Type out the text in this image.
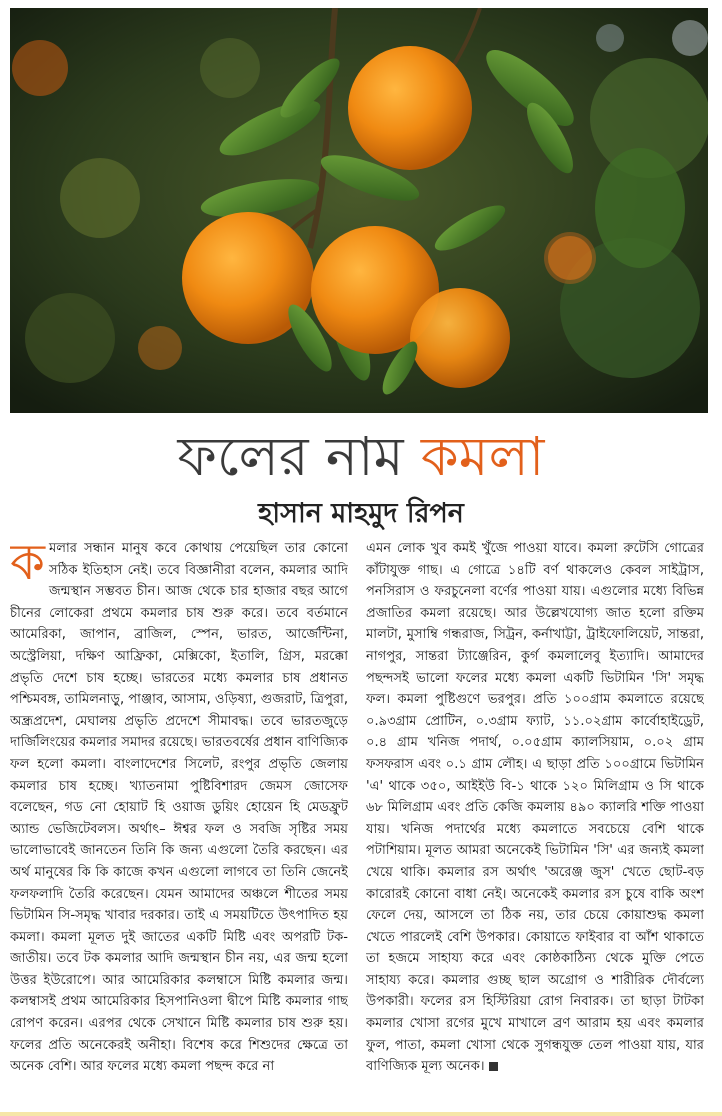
ফলের নাম কমলা
হাসান মাহমুদ রিপন

কমলার সন্ধান মানুষ কবে কোথায় পেয়েছিল তার কোনো সঠিক ইতিহাস নেই। তবে বিজ্ঞানীরা বলেন, কমলার আদি জন্মস্থান সম্ভবত চীন। আজ থেকে চার হাজার বছর আগে চীনের লোকেরা প্রথমে কমলার চাষ শুরু করে। তবে বর্তমানে আমেরিকা, জাপান, ব্রাজিল, স্পেন, ভারত, আর্জেন্টিনা, অস্ট্রেলিয়া, দক্ষিণ আফ্রিকা, মেক্সিকো, ইতালি, গ্রিস, মরক্কো প্রভৃতি দেশে চাষ হচ্ছে। ভারতের মধ্যে কমলার চাষ প্রধানত পশ্চিমবঙ্গ, তামিলনাড়ু, পাঞ্জাব, আসাম, ওড়িষ্যা, গুজরাট, ত্রিপুরা, অন্ধ্রপ্রদেশ, মেঘালয় প্রভৃতি প্রদেশে সীমাবদ্ধ। তবে ভারতজুড়ে দার্জিলিংয়ের কমলার সমাদর রয়েছে। ভারতবর্ষের প্রধান বাণিজ্যিক ফল হলো কমলা। বাংলাদেশের সিলেট, রংপুর প্রভৃতি জেলায় কমলার চাষ হচ্ছে। খ্যাতনামা পুষ্টিবিশারদ জেমস জোসেফ বলেছেন, গড নো হোয়াট হি ওয়াজ ডুয়িং হোয়েন হি মেডফ্রুট অ্যান্ড ভেজিটেবলস। অর্থাৎ– ঈশ্বর ফল ও সবজি সৃষ্টির সময় ভালোভাবেই জানতেন তিনি কি জন্য এগুলো তৈরি করছেন। এর অর্থ মানুষের কি কি কাজে কখন এগুলো লাগবে তা তিনি জেনেই ফলফলাদি তৈরি করেছেন। যেমন আমাদের অঞ্চলে শীতের সময় ভিটামিন সি-সমৃদ্ধ খাবার দরকার। তাই এ সময়টিতে উৎপাদিত হয় কমলা। কমলা মূলত দুই জাতের একটি মিষ্টি এবং অপরটি টক-জাতীয়। তবে টক কমলার আদি জন্মস্থান চীন নয়, এর জন্ম হলো উত্তর ইউরোপে। আর আমেরিকার কলম্বাসে মিষ্টি কমলার জন্ম। কলম্বাসই প্রথম আমেরিকার হিসপানিওলা দ্বীপে মিষ্টি কমলার গাছ রোপণ করেন। এরপর থেকে সেখানে মিষ্টি কমলার চাষ শুরু হয়। ফলের প্রতি অনেকেরই অনীহা। বিশেষ করে শিশুদের ক্ষেত্রে তা অনেক বেশি। আর ফলের মধ্যে কমলা পছন্দ করে না

এমন লোক খুব কমই খুঁজে পাওয়া যাবে। কমলা রুটেসি গোত্রের কাঁটাযুক্ত গাছ। এ গোত্রে ১৪টি বর্ণ থাকলেও কেবল সাইট্রাস, পনসিরাস ও ফরচুনেলা বর্ণের পাওয়া যায়। এগুলোর মধ্যে বিভিন্ন প্রজাতির কমলা রয়েছে। আর উল্লেখযোগ্য জাত হলো রক্তিম মালটা, মুসাম্বি গন্ধরাজ, সিট্রন, কর্নাখাট্টা, ট্রাইফোলিয়েট, সান্তরা, নাগপুর, সান্তরা ট্যাঞ্জেরিন, কুর্গ কমলালেবু ইত্যাদি। আমাদের পছন্দসই ভালো ফলের মধ্যে কমলা একটি ভিটামিন 'সি' সমৃদ্ধ ফল। কমলা পুষ্টিগুণে ভরপুর। প্রতি ১০০গ্রাম কমলাতে রয়েছে ০.৯৩গ্রাম প্রোটিন, ০.৩গ্রাম ফ্যাট, ১১.০২গ্রাম কার্বোহাইড্রেট, ০.৪ গ্রাম খনিজ পদার্থ, ০.০৫গ্রাম ক্যালসিয়াম, ০.০২ গ্রাম ফসফরাস এবং ০.১ গ্রাম লৌহ। এ ছাড়া প্রতি ১০০গ্রামে ভিটামিন 'এ' থাকে ৩৫০, আইইউ বি-১ থাকে ১২০ মিলিগ্রাম ও সি থাকে ৬৮ মিলিগ্রাম এবং প্রতি কেজি কমলায় ৪৯০ ক্যালরি শক্তি পাওয়া যায়। খনিজ পদার্থের মধ্যে কমলাতে সবচেয়ে বেশি থাকে পটাশিয়াম। মূলত আমরা অনেকেই ভিটামিন 'সি' এর জন্যই কমলা খেয়ে থাকি। কমলার রস অর্থাৎ 'অরেঞ্জ জুস' খেতে ছোট-বড় কারোরই কোনো বাধা নেই। অনেকেই কমলার রস চুষে বাকি অংশ ফেলে দেয়, আসলে তা ঠিক নয়, তার চেয়ে কোয়াশুদ্ধ কমলা খেতে পারলেই বেশি উপকার। কোয়াতে ফাইবার বা আঁশ থাকাতে তা হজমে সাহায্য করে এবং কোষ্ঠকাঠিন্য থেকে মুক্তি পেতে সাহায্য করে। কমলার গুচ্ছ ছাল অগ্রোগ ও শারীরিক দৌর্বল্যে উপকারী। ফলের রস হিস্টিরিয়া রোগ নিবারক। তা ছাড়া টাটকা কমলার খোসা রগের মুখে মাখালে ব্রণ আরাম হয় এবং কমলার ফুল, পাতা, কমলা খোসা থেকে সুগন্ধযুক্ত তেল পাওয়া যায়, যার বাণিজ্যিক মূল্য অনেক।
